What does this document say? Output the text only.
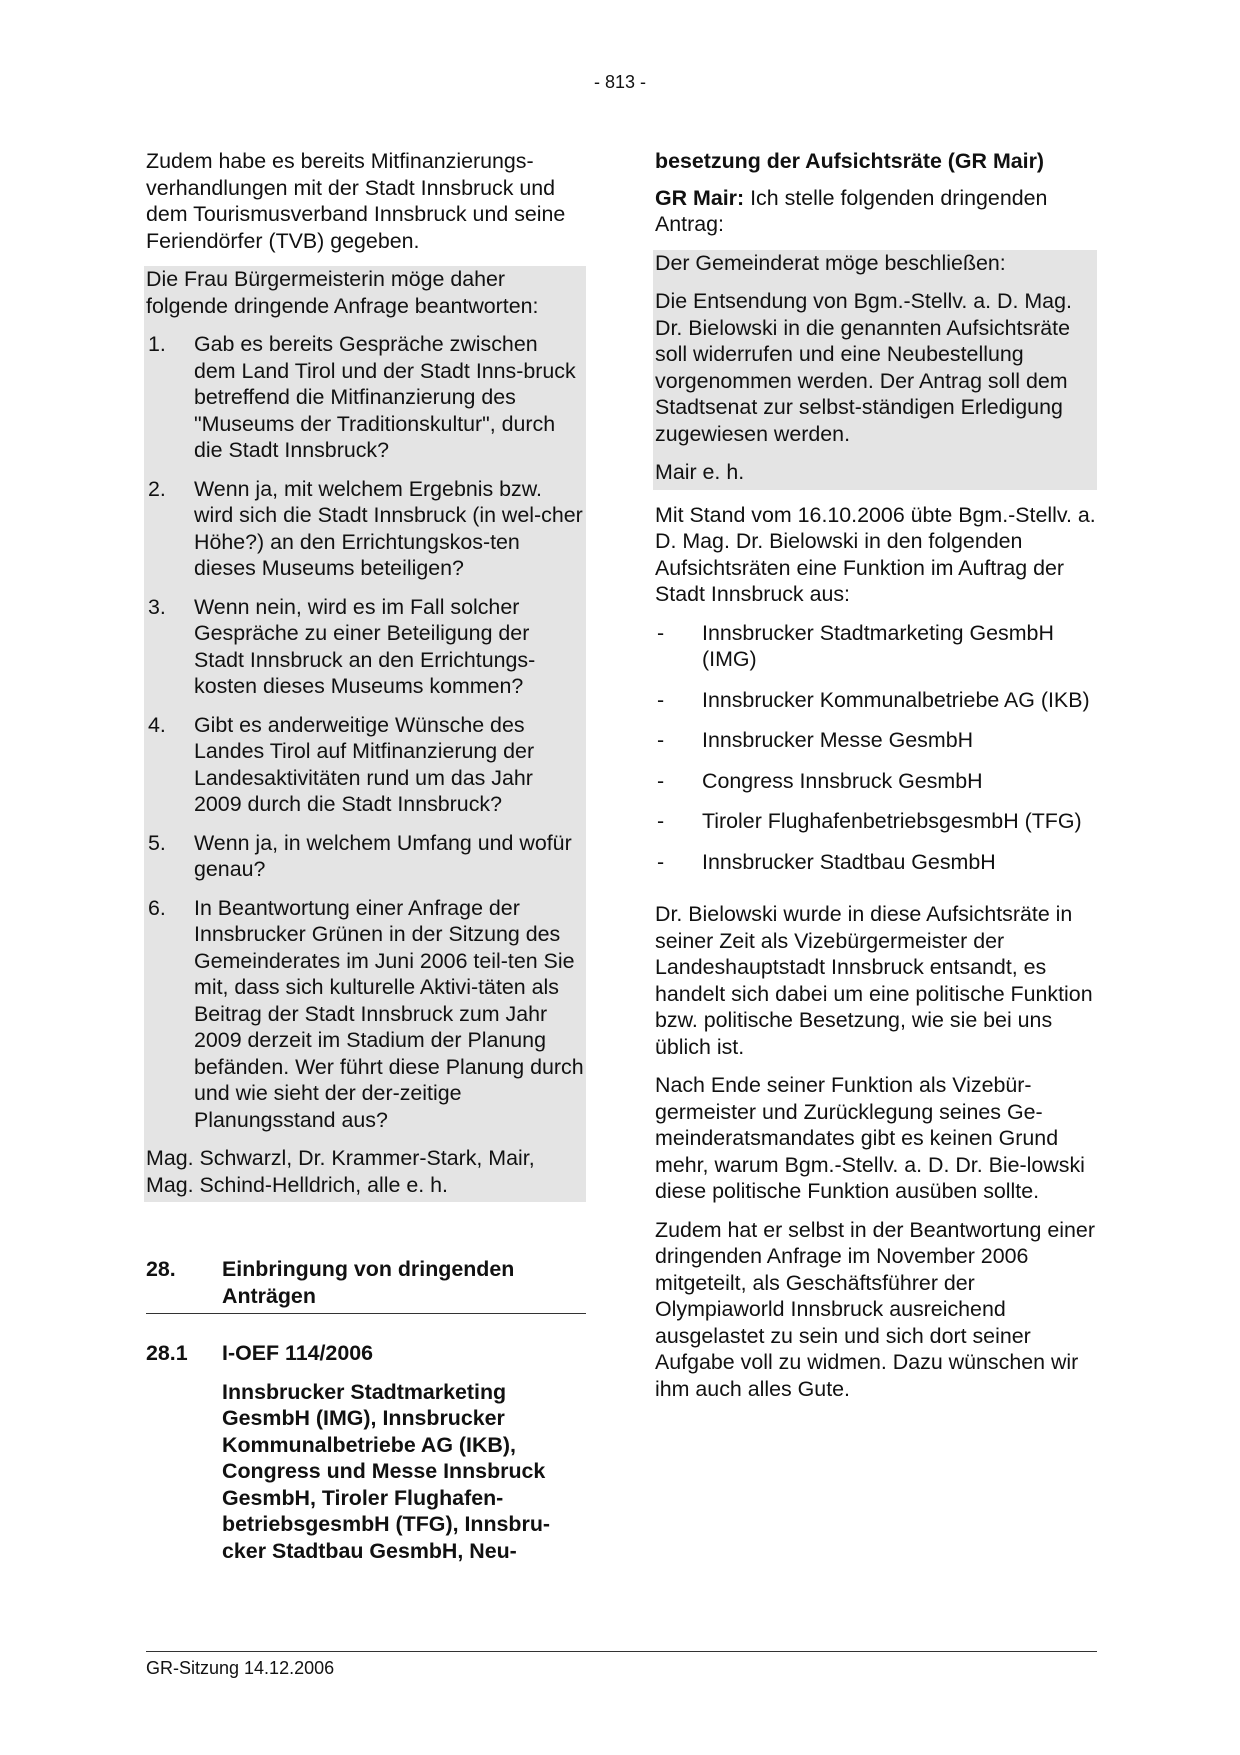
- 813 -

Zudem habe es bereits Mitfinanzierungs-verhandlungen mit der Stadt Innsbruck und dem Tourismusverband Innsbruck und seine Feriendörfer (TVB) gegeben.

Die Frau Bürgermeisterin möge daher folgende dringende Anfrage beantworten:

1. Gab es bereits Gespräche zwischen dem Land Tirol und der Stadt Inns-bruck betreffend die Mitfinanzierung des "Museums der Traditionskultur", durch die Stadt Innsbruck?
2. Wenn ja, mit welchem Ergebnis bzw. wird sich die Stadt Innsbruck (in wel-cher Höhe?) an den Errichtungskos-ten dieses Museums beteiligen?
3. Wenn nein, wird es im Fall solcher Gespräche zu einer Beteiligung der Stadt Innsbruck an den Errichtungs-kosten dieses Museums kommen?
4. Gibt es anderweitige Wünsche des Landes Tirol auf Mitfinanzierung der Landesaktivitäten rund um das Jahr 2009 durch die Stadt Innsbruck?
5. Wenn ja, in welchem Umfang und wofür genau?
6. In Beantwortung einer Anfrage der Innsbrucker Grünen in der Sitzung des Gemeinderates im Juni 2006 teil-ten Sie mit, dass sich kulturelle Aktivi-täten als Beitrag der Stadt Innsbruck zum Jahr 2009 derzeit im Stadium der Planung befänden. Wer führt diese Planung durch und wie sieht der der-zeitige Planungsstand aus?

Mag. Schwarzl, Dr. Krammer-Stark, Mair, Mag. Schind-Helldrich, alle e. h.

28.	Einbringung von dringenden Anträgen
28.1	I-OEF 114/2006

Innsbrucker Stadtmarketing GesmbH (IMG), Innsbrucker Kommunalbetriebe AG (IKB), Congress und Messe Innsbruck GesmbH, Tiroler Flughafen-betriebsgesmbH (TFG), Innsbru-cker Stadtbau GesmbH, Neu-

besetzung der Aufsichtsräte (GR Mair)

GR Mair: Ich stelle folgenden dringenden Antrag:

Der Gemeinderat möge beschließen:

Die Entsendung von Bgm.-Stellv. a. D. Mag. Dr. Bielowski in die genannten Aufsichtsräte soll widerrufen und eine Neubestellung vorgenommen werden. Der Antrag soll dem Stadtsenat zur selbst-ständigen Erledigung zugewiesen werden.

Mair e. h.

Mit Stand vom 16.10.2006 übte Bgm.-Stellv. a. D. Mag. Dr. Bielowski in den folgenden Aufsichtsräten eine Funktion im Auftrag der Stadt Innsbruck aus:

- Innsbrucker Stadtmarketing GesmbH (IMG)
- Innsbrucker Kommunalbetriebe AG (IKB)
- Innsbrucker Messe GesmbH
- Congress Innsbruck GesmbH
- Tiroler FlughafenbetriebsgesmbH (TFG)
- Innsbrucker Stadtbau GesmbH

Dr. Bielowski wurde in diese Aufsichtsräte in seiner Zeit als Vizebürgermeister der Landeshauptstadt Innsbruck entsandt, es handelt sich dabei um eine politische Funktion bzw. politische Besetzung, wie sie bei uns üblich ist.

Nach Ende seiner Funktion als Vizebür-germeister und Zurücklegung seines Ge-meinderatsmandates gibt es keinen Grund mehr, warum Bgm.-Stellv. a. D. Dr. Bie-lowski diese politische Funktion ausüben sollte.

Zudem hat er selbst in der Beantwortung einer dringenden Anfrage im November 2006 mitgeteilt, als Geschäftsführer der Olympiaworld Innsbruck ausreichend ausgelastet zu sein und sich dort seiner Aufgabe voll zu widmen. Dazu wünschen wir ihm auch alles Gute.

GR-Sitzung 14.12.2006
